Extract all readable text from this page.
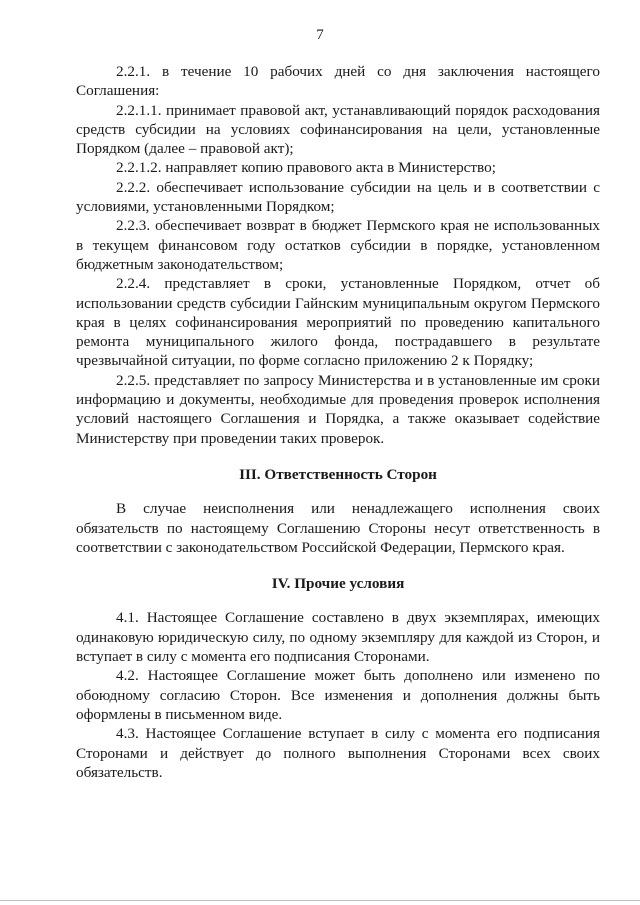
7

2.2.1. в течение 10 рабочих дней со дня заключения настоящего Соглашения:

2.2.1.1. принимает правовой акт, устанавливающий порядок расходования средств субсидии на условиях софинансирования на цели, установленные Порядком (далее – правовой акт);

2.2.1.2. направляет копию правового акта в Министерство;

2.2.2. обеспечивает использование субсидии на цель и в соответствии с условиями, установленными Порядком;

2.2.3. обеспечивает возврат в бюджет Пермского края не использованных в текущем финансовом году остатков субсидии в порядке, установленном бюджетным законодательством;

2.2.4. представляет в сроки, установленные Порядком, отчет об использовании средств субсидии Гайнским муниципальным округом Пермского края в целях софинансирования мероприятий по проведению капитального ремонта муниципального жилого фонда, пострадавшего в результате чрезвычайной ситуации, по форме согласно приложению 2 к Порядку;

2.2.5. представляет по запросу Министерства и в установленные им сроки информацию и документы, необходимые для проведения проверок исполнения условий настоящего Соглашения и Порядка, а также оказывает содействие Министерству при проведении таких проверок.

III. Ответственность Сторон

В случае неисполнения или ненадлежащего исполнения своих обязательств по настоящему Соглашению Стороны несут ответственность в соответствии с законодательством Российской Федерации, Пермского края.

IV. Прочие условия

4.1. Настоящее Соглашение составлено в двух экземплярах, имеющих одинаковую юридическую силу, по одному экземпляру для каждой из Сторон, и вступает в силу с момента его подписания Сторонами.

4.2. Настоящее Соглашение может быть дополнено или изменено по обоюдному согласию Сторон. Все изменения и дополнения должны быть оформлены в письменном виде.

4.3. Настоящее Соглашение вступает в силу с момента его подписания Сторонами и действует до полного выполнения Сторонами всех своих обязательств.
